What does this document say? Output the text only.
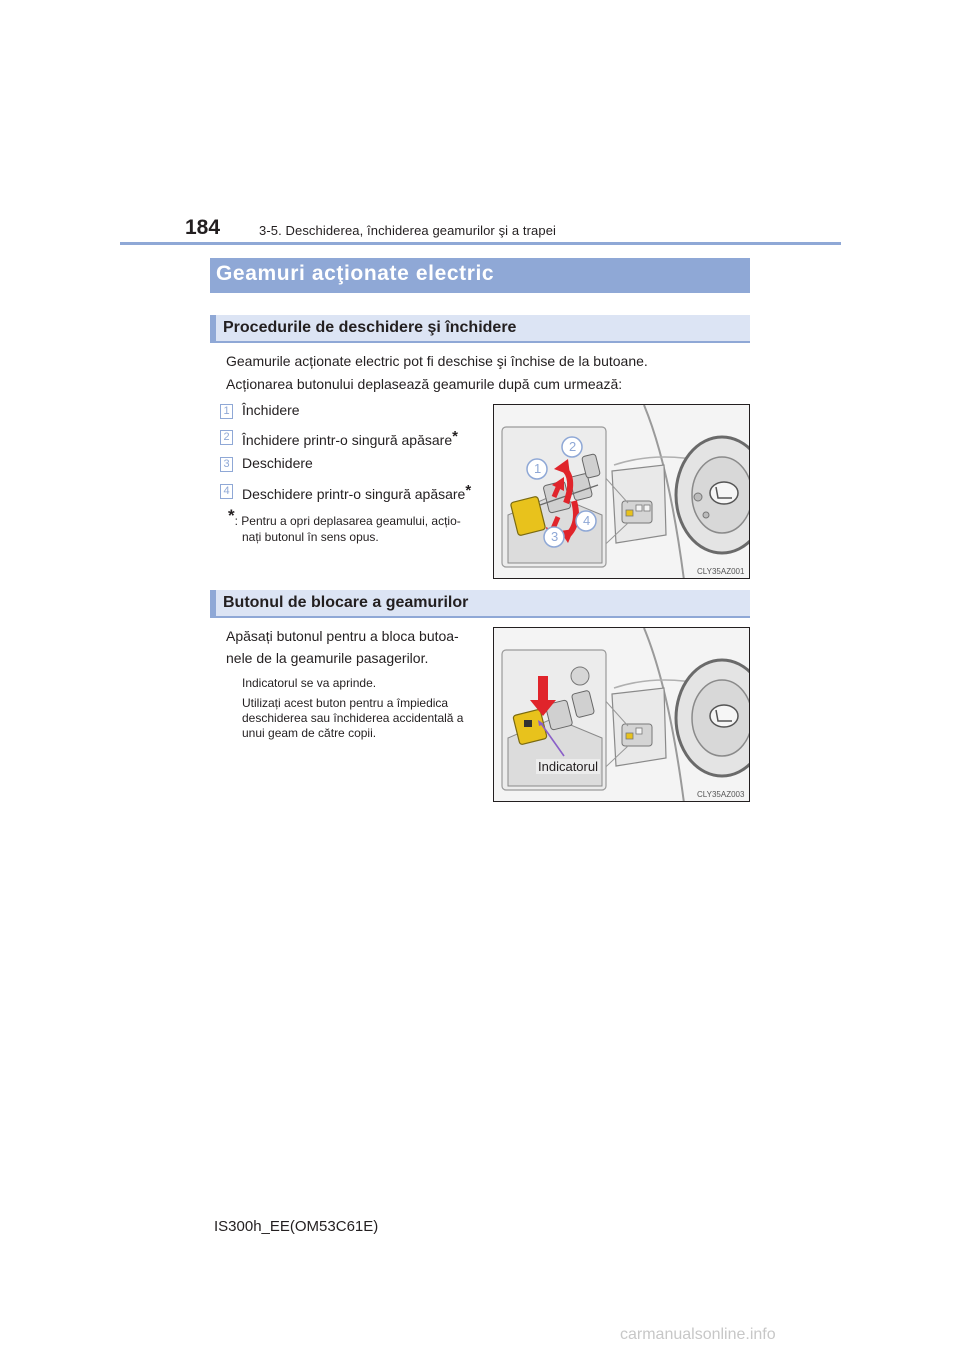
184	3-5. Deschiderea, închiderea geamurilor şi a trapei
Geamuri acţionate electric
Procedurile de deschidere şi închidere
Geamurile acționate electric pot fi deschise şi închise de la butoane.
Acționarea butonului deplasează geamurile după cum urmează:
1 Închidere
2 Închidere printr-o singură apăsare*
3 Deschidere
4 Deschidere printr-o singură apăsare*
*: Pentru a opri deplasarea geamului, acțio-
nați butonul în sens opus.
2
1
3
4
CLY35AZ001
Butonul de blocare a geamurilor
Apăsați butonul pentru a bloca butoa-
nele de la geamurile pasagerilor.
Indicatorul se va aprinde.
Utilizați acest buton pentru a împiedica
deschiderea sau închiderea accidentală a
unui geam de către copii.
Indicatorul
CLY35AZ003
IS300h_EE(OM53C61E)
carmanualsonline.info
